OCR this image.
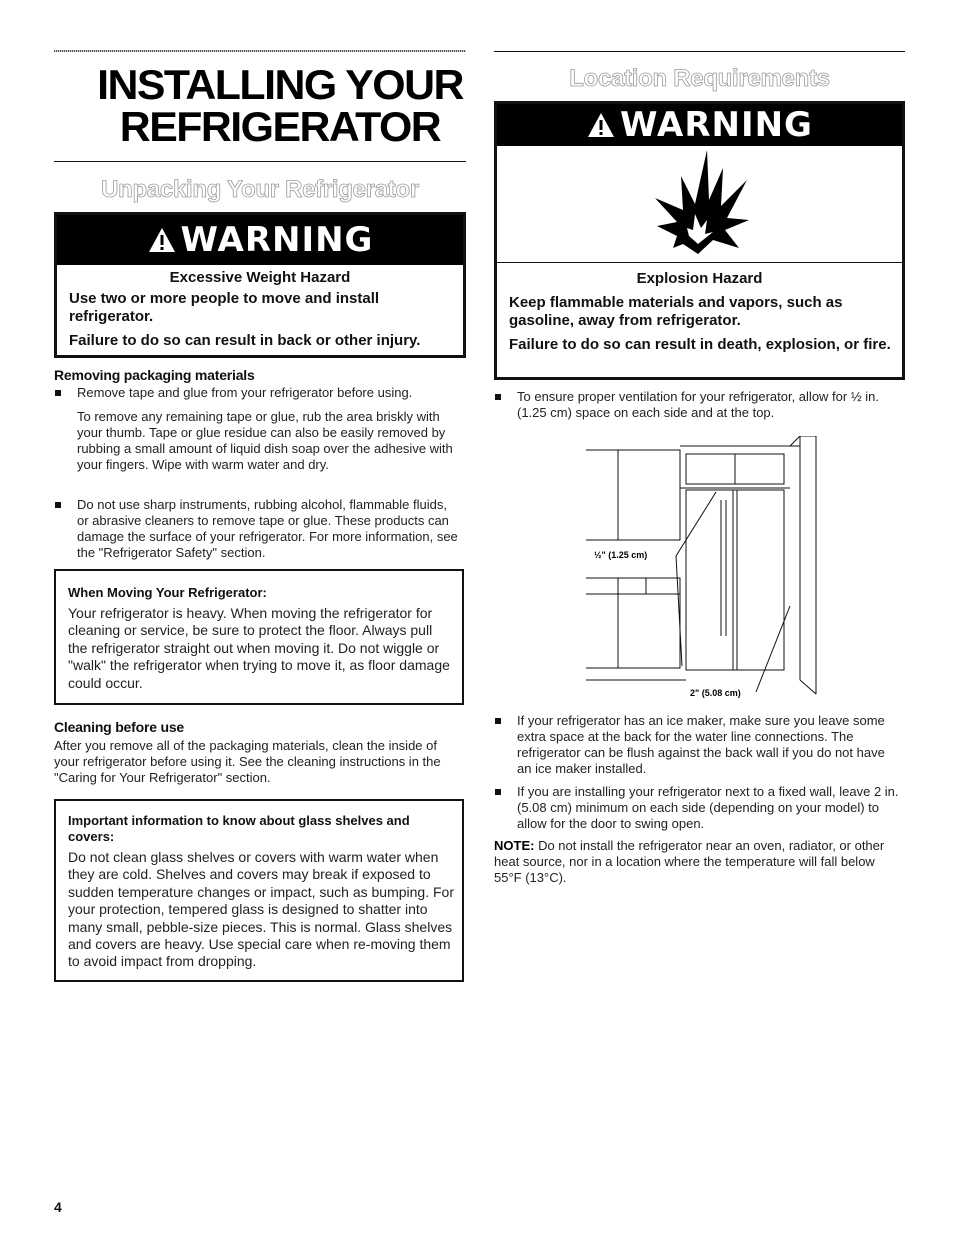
INSTALLING YOUR
REFRIGERATOR
Unpacking Your Refrigerator
WARNING
Excessive Weight Hazard
Use two or more people to move and install refrigerator.
Failure to do so can result in back or other injury.
Removing packaging materials
Remove tape and glue from your refrigerator before using.
To remove any remaining tape or glue, rub the area briskly with your thumb. Tape or glue residue can also be easily removed by rubbing a small amount of liquid dish soap over the adhesive with your fingers. Wipe with warm water and dry.
Do not use sharp instruments, rubbing alcohol, flammable fluids, or abrasive cleaners to remove tape or glue. These products can damage the surface of your refrigerator. For more information, see the "Refrigerator Safety" section.
When Moving Your Refrigerator:
Your refrigerator is heavy. When moving the refrigerator for cleaning or service, be sure to protect the floor. Always pull the refrigerator straight out when moving it. Do not wiggle or "walk" the refrigerator when trying to move it, as floor damage could occur.
Cleaning before use
After you remove all of the packaging materials, clean the inside of your refrigerator before using it. See the cleaning instructions in the "Caring for Your Refrigerator" section.
Important information to know about glass shelves and covers:
Do not clean glass shelves or covers with warm water when they are cold. Shelves and covers may break if exposed to sudden temperature changes or impact, such as bumping. For your protection, tempered glass is designed to shatter into many small, pebble-size pieces. This is normal. Glass shelves and covers are heavy. Use special care when re-moving them to avoid impact from dropping.
4
Location Requirements
WARNING
Explosion Hazard
Keep flammable materials and vapors, such as gasoline, away from refrigerator.
Failure to do so can result in death, explosion, or fire.
To ensure proper ventilation for your refrigerator, allow for ½ in. (1.25 cm) space on each side and at the top.
½" (1.25 cm)
2" (5.08 cm)
If your refrigerator has an ice maker, make sure you leave some extra space at the back for the water line connections. The refrigerator can be flush against the back wall if you do not have an ice maker installed.
If you are installing your refrigerator next to a fixed wall, leave 2 in. (5.08 cm) minimum on each side (depending on your model) to allow for the door to swing open.
NOTE: Do not install the refrigerator near an oven, radiator, or other heat source, nor in a location where the temperature will fall below 55°F (13°C).
